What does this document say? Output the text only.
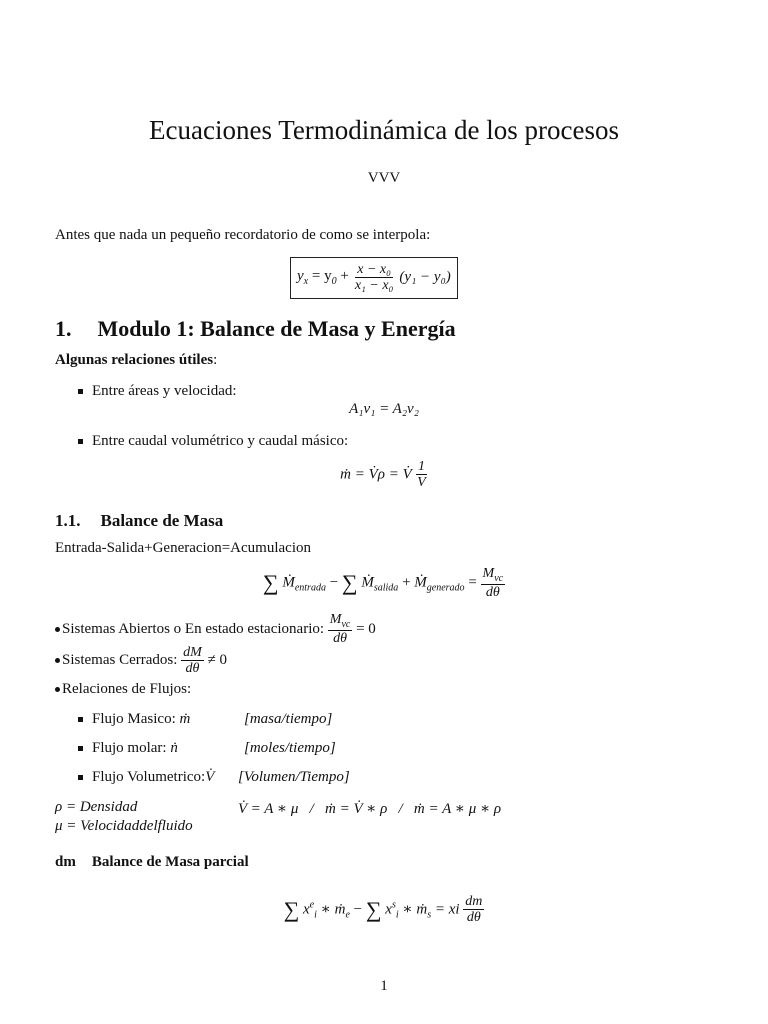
Ecuaciones Termodinámica de los procesos
VVV
Antes que nada un pequeño recordatorio de como se interpola:
$y_x = y_0 + \frac{\text{x − x₀}}{\text{x₁ − x₀}} (y_1 - y_0)$
1. Modulo 1: Balance de Masa y Energía
Algunas relaciones útiles:
Entre áreas y velocidad:
A₁v₁ = A₂v₂
Entre caudal volumétrico y caudal másico:
ṁ = V̇ρ = V̇ $\frac{1}{V}$
1.1. Balance de Masa
Entrada-Salida+Generacion=Acumulacion
∑ Ṁ$_{entrada}$ − ∑ Ṁ$_{salida}$ + Ṁ$_{generado}$ = $\frac{M_{vc}}{d\theta}$
Sistemas Abiertos o En estado estacionario:
$\frac{M_{vc}}{d\theta}$
= 0
Sistemas Cerrados:
$\frac{dM}{d\theta}$
≠ 0
Relaciones de Flujos:
Flujo Masico: ṁ	[masa/tiempo]
Flujo molar: ṅ	[moles/tiempo]
Flujo Volumetrico:V̇ [Volumen/Tiempo]
ρ = Densidad
μ = Velocidaddelfluido
V̇ = A ∗ μ   /   ṁ = V̇ ∗ ρ   /   ṁ = A ∗ μ ∗ ρ
dm Balance de Masa parcial
∑ $x^e_i$ ∗ ṁ$_e$ − ∑ $x^s_i$ ∗ ṁ$_s$ = xi $\frac{dm}{d\theta}$
1
